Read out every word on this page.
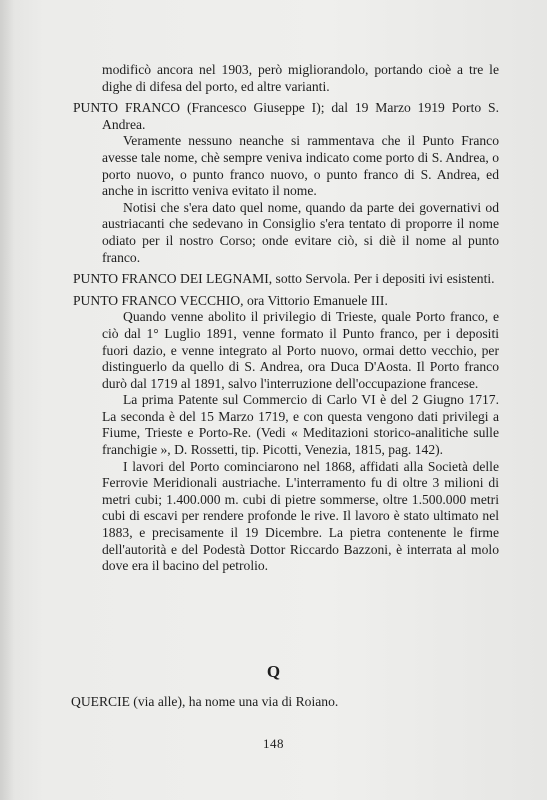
modificò ancora nel 1903, però migliorandolo, portando cioè a tre le dighe di difesa del porto, ed altre varianti.

PUNTO FRANCO (Francesco Giuseppe I); dal 19 Marzo 1919 Porto S. Andrea.

Veramente nessuno neanche si rammentava che il Punto Franco avesse tale nome, chè sempre veniva indicato come porto di S. Andrea, o porto nuovo, o punto franco nuovo, o punto franco di S. Andrea, ed anche in iscritto veniva evitato il nome.

Notisi che s'era dato quel nome, quando da parte dei governativi od austriacanti che sedevano in Consiglio s'era tentato di proporre il nome odiato per il nostro Corso; onde evitare ciò, si diè il nome al punto franco.

PUNTO FRANCO DEI LEGNAMI, sotto Servola. Per i depositi ivi esistenti.

PUNTO FRANCO VECCHIO, ora Vittorio Emanuele III.

Quando venne abolito il privilegio di Trieste, quale Porto franco, e ciò dal 1° Luglio 1891, venne formato il Punto franco, per i depositi fuori dazio, e venne integrato al Porto nuovo, ormai detto vecchio, per distinguerlo da quello di S. Andrea, ora Duca D'Aosta. Il Porto franco durò dal 1719 al 1891, salvo l'interruzione dell'occupazione francese.

La prima Patente sul Commercio di Carlo VI è del 2 Giugno 1717. La seconda è del 15 Marzo 1719, e con questa vengono dati privilegi a Fiume, Trieste e Porto-Re. (Vedi « Meditazioni storico-analitiche sulle franchigie », D. Rossetti, tip. Picotti, Venezia, 1815, pag. 142).

I lavori del Porto cominciarono nel 1868, affidati alla Società delle Ferrovie Meridionali austriache. L'interramento fu di oltre 3 milioni di metri cubi; 1.400.000 m. cubi di pietre sommerse, oltre 1.500.000 metri cubi di escavi per rendere profonde le rive. Il lavoro è stato ultimato nel 1883, e precisamente il 19 Dicembre. La pietra contenente le firme dell'autorità e del Podestà Dottor Riccardo Bazzoni, è interrata al molo dove era il bacino del petrolio.

Q
QUERCIE (via alle), ha nome una via di Roiano.
148
